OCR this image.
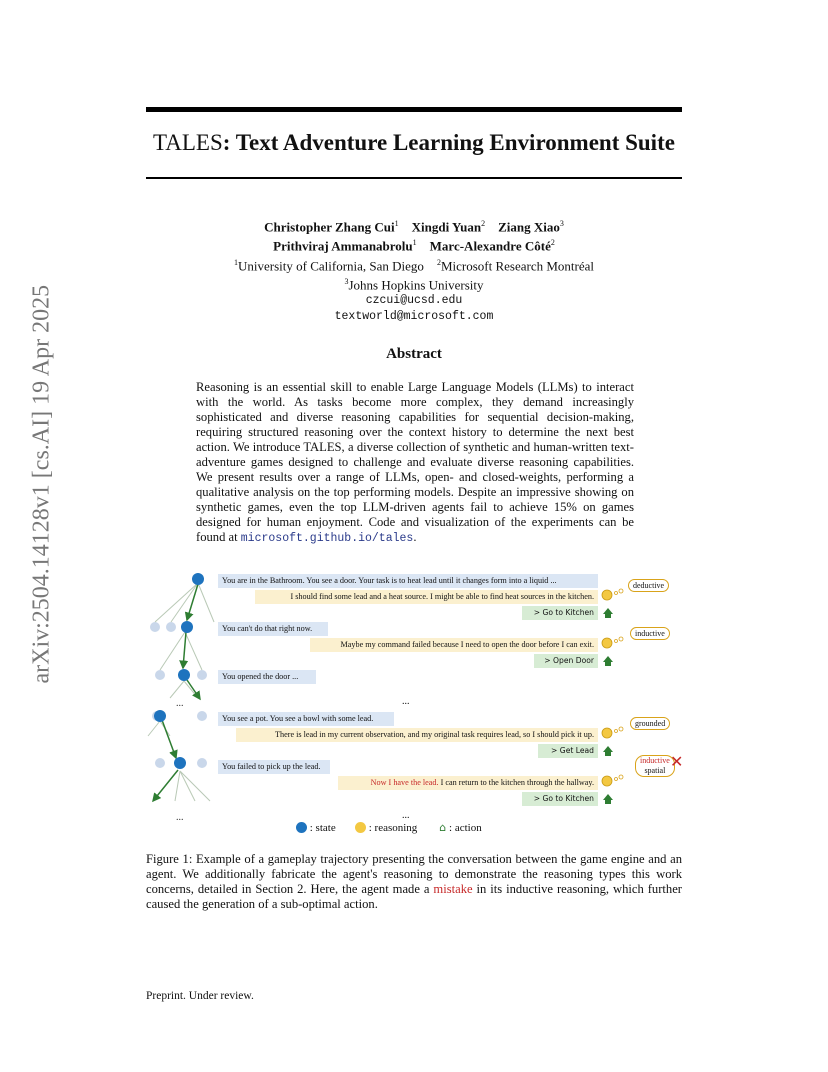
arXiv:2504.14128v1 [cs.AI] 19 Apr 2025
TALES: Text Adventure Learning Environment Suite
Christopher Zhang Cui$^1$ Xingdi Yuan$^2$ Ziang Xiao$^3$
Prithviraj Ammanabrolu$^1$ Marc-Alexandre Côté$^2$
$^1$University of California, San Diego $^2$Microsoft Research Montréal
$^3$Johns Hopkins University
czcui@ucsd.edu
textworld@microsoft.com
Abstract
Reasoning is an essential skill to enable Large Language Models (LLMs) to interact with the world. As tasks become more complex, they demand increasingly sophisticated and diverse reasoning capabilities for sequential decision-making, requiring structured reasoning over the context history to determine the next best action. We introduce TALES, a diverse collection of synthetic and human-written text-adventure games designed to challenge and evaluate diverse reasoning capabilities. We present results over a range of LLMs, open- and closed-weights, performing a qualitative analysis on the top performing models. Despite an impressive showing on synthetic games, even the top LLM-driven agents fail to achieve 15% on games designed for human enjoyment. Code and visualization of the experiments can be found at microsoft.github.io/tales.
...
...
You are in the Bathroom. You see a door. Your task is to heat lead until it changes form into a liquid ...
I should find some lead and a heat source. I might be able to find heat sources in the kitchen.
> Go to Kitchen
You can't do that right now.
Maybe my command failed because I need to open the door before I can exit.
> Open Door
You opened the door ...
...
You see a pot. You see a bowl with some lead.
There is lead in my current observation, and my original task requires lead, so I should pick it up.
> Get Lead
You failed to pick up the lead.
Now I have the lead. I can return to the kitchen through the hallway.
> Go to Kitchen
...
deductive
inductive
grounded
inductive
spatial ✕
: state	: reasoning ⌂ : action
Figure 1: Example of a gameplay trajectory presenting the conversation between the game engine and an agent. We additionally fabricate the agent's reasoning to demonstrate the reasoning types this work concerns, detailed in Section 2. Here, the agent made a mistake in its inductive reasoning, which further caused the generation of a sub-optimal action.
Preprint. Under review.
